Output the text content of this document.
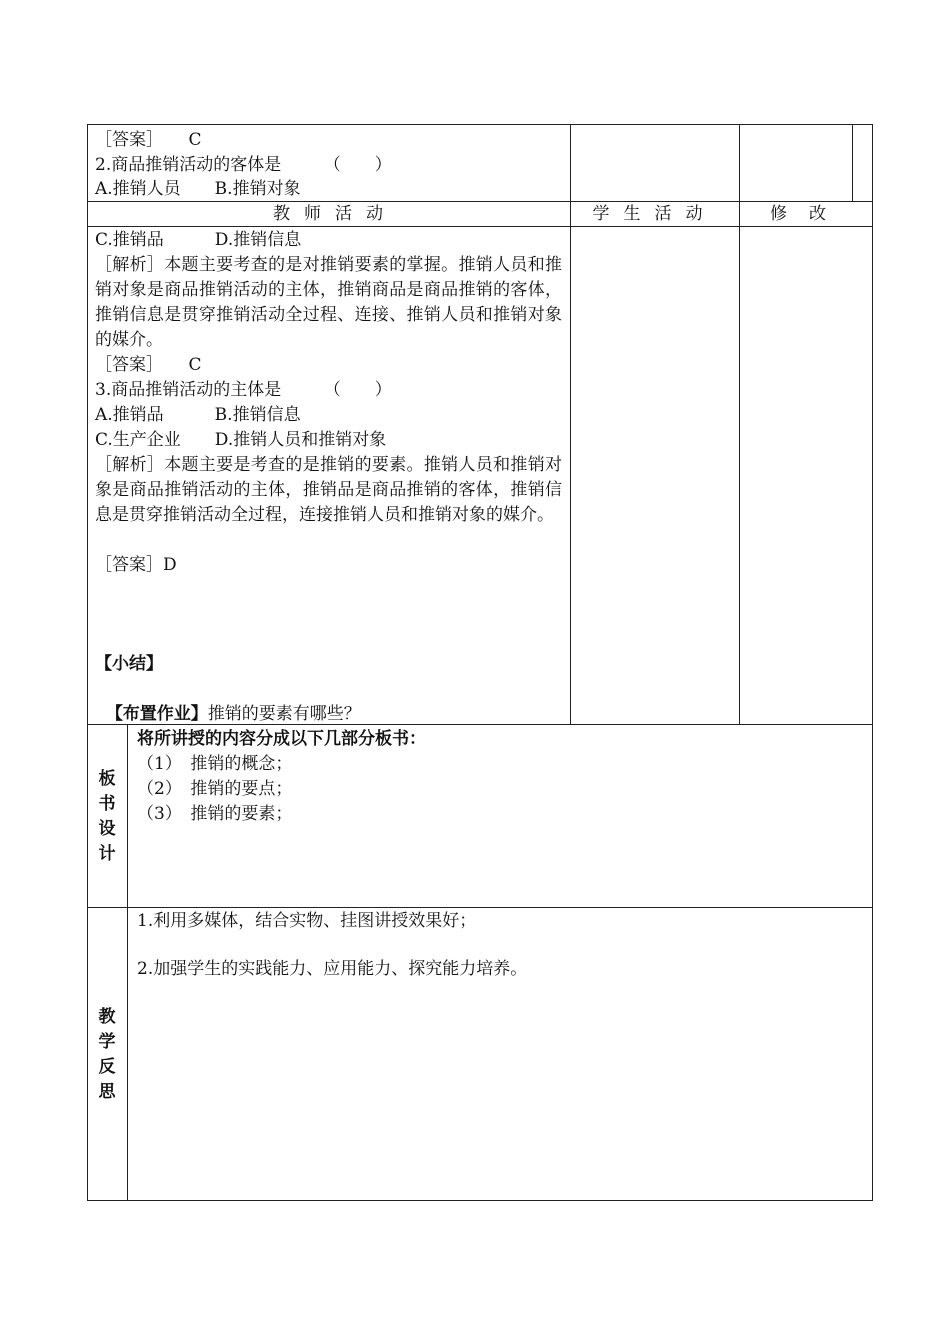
［答案］　　C
2.商品推销活动的客体是　　　（　　）
A.推销人员　　B.推销对象
教师活动	学生活动	修改
C.推销品　　　D.推销信息
［解析］本题主要考查的是对推销要素的掌握。推销人员和推销对象是商品推销活动的主体，推销商品是商品推销的客体，推销信息是贯穿推销活动全过程、连接、推销人员和推销对象的媒介。
［答案］　　C
3.商品推销活动的主体是　　　（　　）
A.推销品　　　B.推销信息
C.生产企业　　D.推销人员和推销对象
［解析］本题主要是考查的是推销的要素。推销人员和推销对象是商品推销活动的主体，推销品是商品推销的客体，推销信息是贯穿推销活动全过程，连接推销人员和推销对象的媒介。
［答案］D
【小结】

【布置作业】推销的要素有哪些？

板
书
设
计
将所讲授的内容分成以下几部分板书：
（1）　推销的概念；
（2）　推销的要点；
（3）　推销的要素；
教
学
反
思
1.利用多媒体，结合实物、挂图讲授效果好；
2.加强学生的实践能力、应用能力、探究能力培养。
